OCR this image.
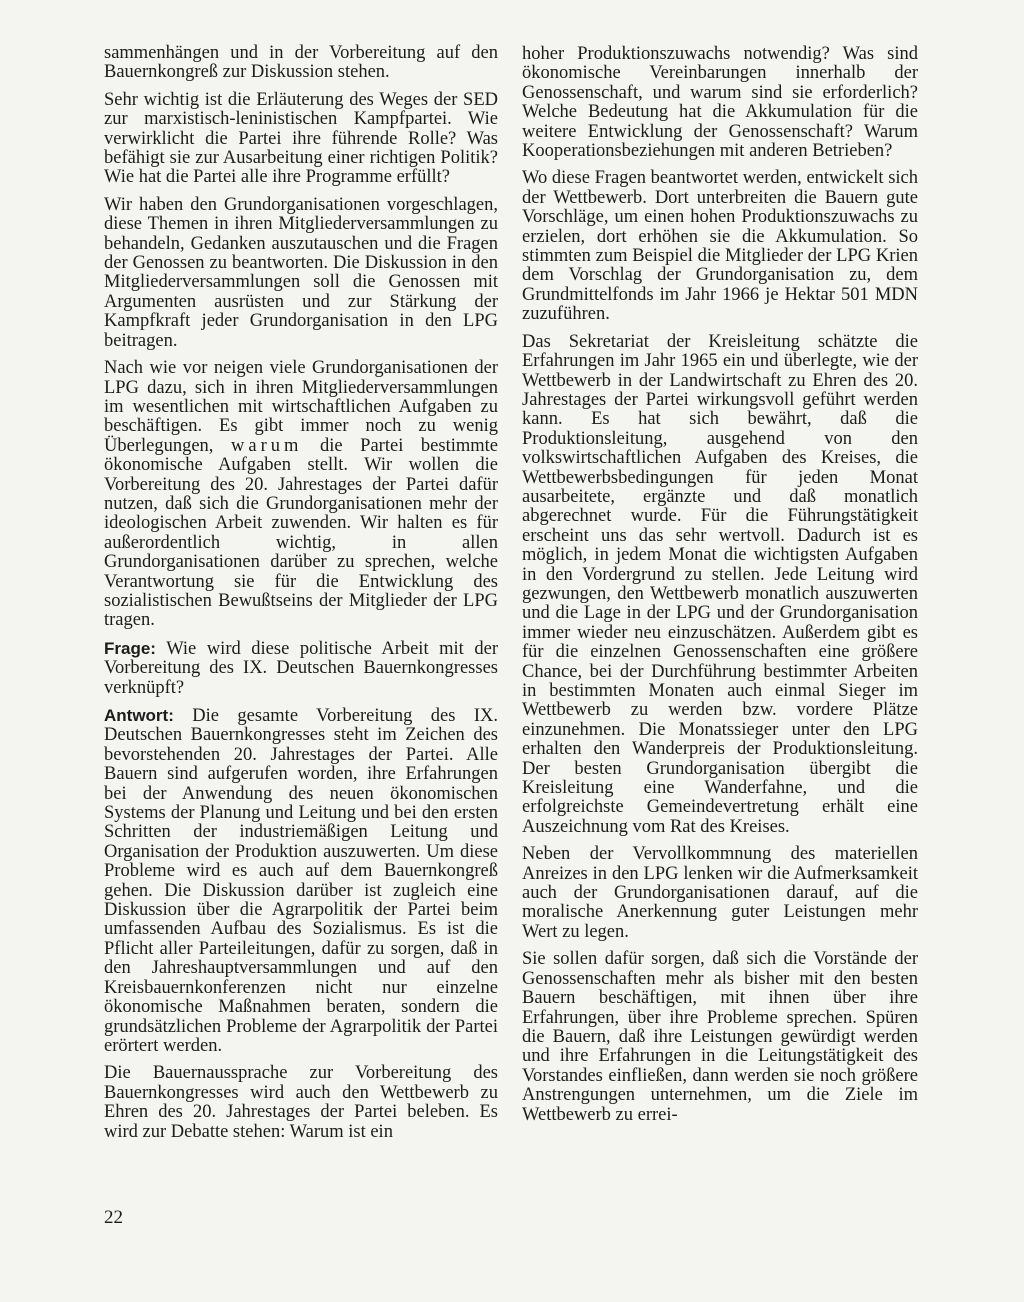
sammenhängen und in der Vorbereitung auf den Bauernkongreß zur Diskussion stehen.

Sehr wichtig ist die Erläuterung des Weges der SED zur marxistisch-leninistischen Kampfpartei. Wie verwirklicht die Partei ihre führende Rolle? Was befähigt sie zur Ausarbeitung einer richtigen Politik? Wie hat die Partei alle ihre Programme erfüllt?

Wir haben den Grundorganisationen vorgeschlagen, diese Themen in ihren Mitgliederversammlungen zu behandeln, Gedanken auszutauschen und die Fragen der Genossen zu beantworten. Die Diskussion in den Mitgliederversammlungen soll die Genossen mit Argumenten ausrüsten und zur Stärkung der Kampfkraft jeder Grundorganisation in den LPG beitragen.

Nach wie vor neigen viele Grundorganisationen der LPG dazu, sich in ihren Mitgliederversammlungen im wesentlichen mit wirtschaftlichen Aufgaben zu beschäftigen. Es gibt immer noch zu wenig Überlegungen, warum die Partei bestimmte ökonomische Aufgaben stellt. Wir wollen die Vorbereitung des 20. Jahrestages der Partei dafür nutzen, daß sich die Grundorganisationen mehr der ideologischen Arbeit zuwenden. Wir halten es für außerordentlich wichtig, in allen Grundorganisationen darüber zu sprechen, welche Verantwortung sie für die Entwicklung des sozialistischen Bewußtseins der Mitglieder der LPG tragen.

Frage: Wie wird diese politische Arbeit mit der Vorbereitung des IX. Deutschen Bauernkongresses verknüpft?

Antwort: Die gesamte Vorbereitung des IX. Deutschen Bauernkongresses steht im Zeichen des bevorstehenden 20. Jahrestages der Partei. Alle Bauern sind aufgerufen worden, ihre Erfahrungen bei der Anwendung des neuen ökonomischen Systems der Planung und Leitung und bei den ersten Schritten der industriemäßigen Leitung und Organisation der Produktion auszuwerten. Um diese Probleme wird es auch auf dem Bauernkongreß gehen. Die Diskussion darüber ist zugleich eine Diskussion über die Agrarpolitik der Partei beim umfassenden Aufbau des Sozialismus. Es ist die Pflicht aller Parteileitungen, dafür zu sorgen, daß in den Jahreshauptversammlungen und auf den Kreisbauernkonferenzen nicht nur einzelne ökonomische Maßnahmen beraten, sondern die grundsätzlichen Probleme der Agrarpolitik der Partei erörtert werden.

Die Bauernaussprache zur Vorbereitung des Bauernkongresses wird auch den Wettbewerb zu Ehren des 20. Jahrestages der Partei beleben. Es wird zur Debatte stehen: Warum ist ein

hoher Produktionszuwachs notwendig? Was sind ökonomische Vereinbarungen innerhalb der Genossenschaft, und warum sind sie erforderlich? Welche Bedeutung hat die Akkumulation für die weitere Entwicklung der Genossenschaft? Warum Kooperationsbeziehungen mit anderen Betrieben?

Wo diese Fragen beantwortet werden, entwickelt sich der Wettbewerb. Dort unterbreiten die Bauern gute Vorschläge, um einen hohen Produktionszuwachs zu erzielen, dort erhöhen sie die Akkumulation. So stimmten zum Beispiel die Mitglieder der LPG Krien dem Vorschlag der Grundorganisation zu, dem Grundmittelfonds im Jahr 1966 je Hektar 501 MDN zuzuführen.

Das Sekretariat der Kreisleitung schätzte die Erfahrungen im Jahr 1965 ein und überlegte, wie der Wettbewerb in der Landwirtschaft zu Ehren des 20. Jahrestages der Partei wirkungsvoll geführt werden kann. Es hat sich bewährt, daß die Produktionsleitung, ausgehend von den volkswirtschaftlichen Aufgaben des Kreises, die Wettbewerbsbedingungen für jeden Monat ausarbeitete, ergänzte und daß monatlich abgerechnet wurde. Für die Führungstätigkeit erscheint uns das sehr wertvoll. Dadurch ist es möglich, in jedem Monat die wichtigsten Aufgaben in den Vordergrund zu stellen. Jede Leitung wird gezwungen, den Wettbewerb monatlich auszuwerten und die Lage in der LPG und der Grundorganisation immer wieder neu einzuschätzen. Außerdem gibt es für die einzelnen Genossenschaften eine größere Chance, bei der Durchführung bestimmter Arbeiten in bestimmten Monaten auch einmal Sieger im Wettbewerb zu werden bzw. vordere Plätze einzunehmen. Die Monatssieger unter den LPG erhalten den Wanderpreis der Produktionsleitung. Der besten Grundorganisation übergibt die Kreisleitung eine Wanderfahne, und die erfolgreichste Gemeindevertretung erhält eine Auszeichnung vom Rat des Kreises.

Neben der Vervollkommnung des materiellen Anreizes in den LPG lenken wir die Aufmerksamkeit auch der Grundorganisationen darauf, auf die moralische Anerkennung guter Leistungen mehr Wert zu legen.

Sie sollen dafür sorgen, daß sich die Vorstände der Genossenschaften mehr als bisher mit den besten Bauern beschäftigen, mit ihnen über ihre Erfahrungen, über ihre Probleme sprechen. Spüren die Bauern, daß ihre Leistungen gewürdigt werden und ihre Erfahrungen in die Leitungstätigkeit des Vorstandes einfließen, dann werden sie noch größere Anstrengungen unternehmen, um die Ziele im Wettbewerb zu errei-

22
